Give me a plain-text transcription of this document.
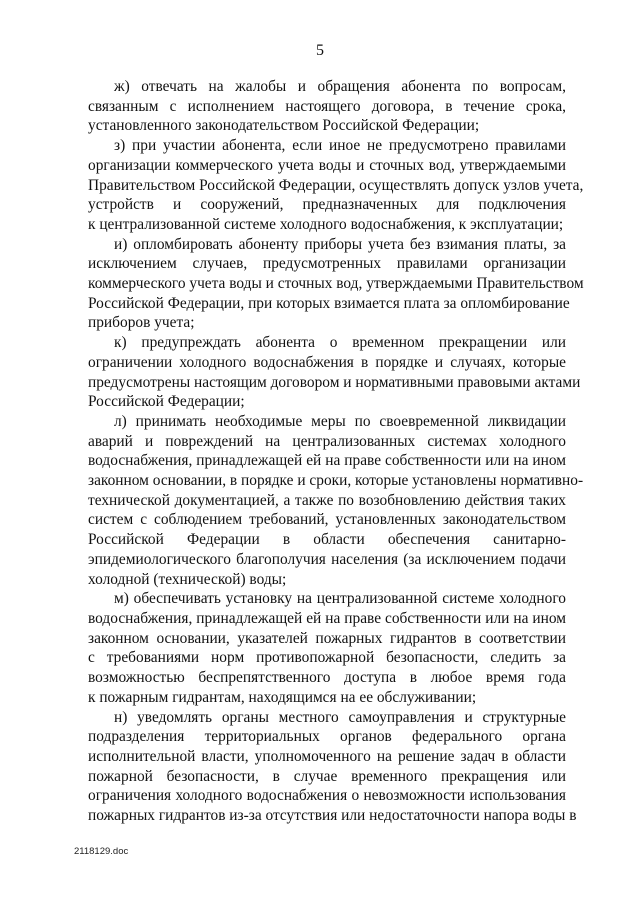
5

ж) отвечать на жалобы и обращения абонента по вопросам,
связанным с исполнением настоящего договора, в течение срока,
установленного законодательством Российской Федерации;

з) при участии абонента, если иное не предусмотрено правилами
организации коммерческого учета воды и сточных вод, утверждаемыми
Правительством Российской Федерации, осуществлять допуск узлов учета,
устройств и сооружений, предназначенных для подключения
к централизованной системе холодного водоснабжения, к эксплуатации;

и) опломбировать абоненту приборы учета без взимания платы, за
исключением случаев, предусмотренных правилами организации
коммерческого учета воды и сточных вод, утверждаемыми Правительством
Российской Федерации, при которых взимается плата за опломбирование
приборов учета;

к) предупреждать абонента о временном прекращении или
ограничении холодного водоснабжения в порядке и случаях, которые
предусмотрены настоящим договором и нормативными правовыми актами
Российской Федерации;

л) принимать необходимые меры по своевременной ликвидации
аварий и повреждений на централизованных системах холодного
водоснабжения, принадлежащей ей на праве собственности или на ином
законном основании, в порядке и сроки, которые установлены нормативно-
технической документацией, а также по возобновлению действия таких
систем с соблюдением требований, установленных законодательством
Российской Федерации в области обеспечения санитарно-
эпидемиологического благополучия населения (за исключением подачи
холодной (технической) воды;

м) обеспечивать установку на централизованной системе холодного
водоснабжения, принадлежащей ей на праве собственности или на ином
законном основании, указателей пожарных гидрантов в соответствии
с требованиями норм противопожарной безопасности, следить за
возможностью беспрепятственного доступа в любое время года
к пожарным гидрантам, находящимся на ее обслуживании;

н) уведомлять органы местного самоуправления и структурные
подразделения территориальных органов федерального органа
исполнительной власти, уполномоченного на решение задач в области
пожарной безопасности, в случае временного прекращения или
ограничения холодного водоснабжения о невозможности использования
пожарных гидрантов из-за отсутствия или недостаточности напора воды в

2118129.doc
